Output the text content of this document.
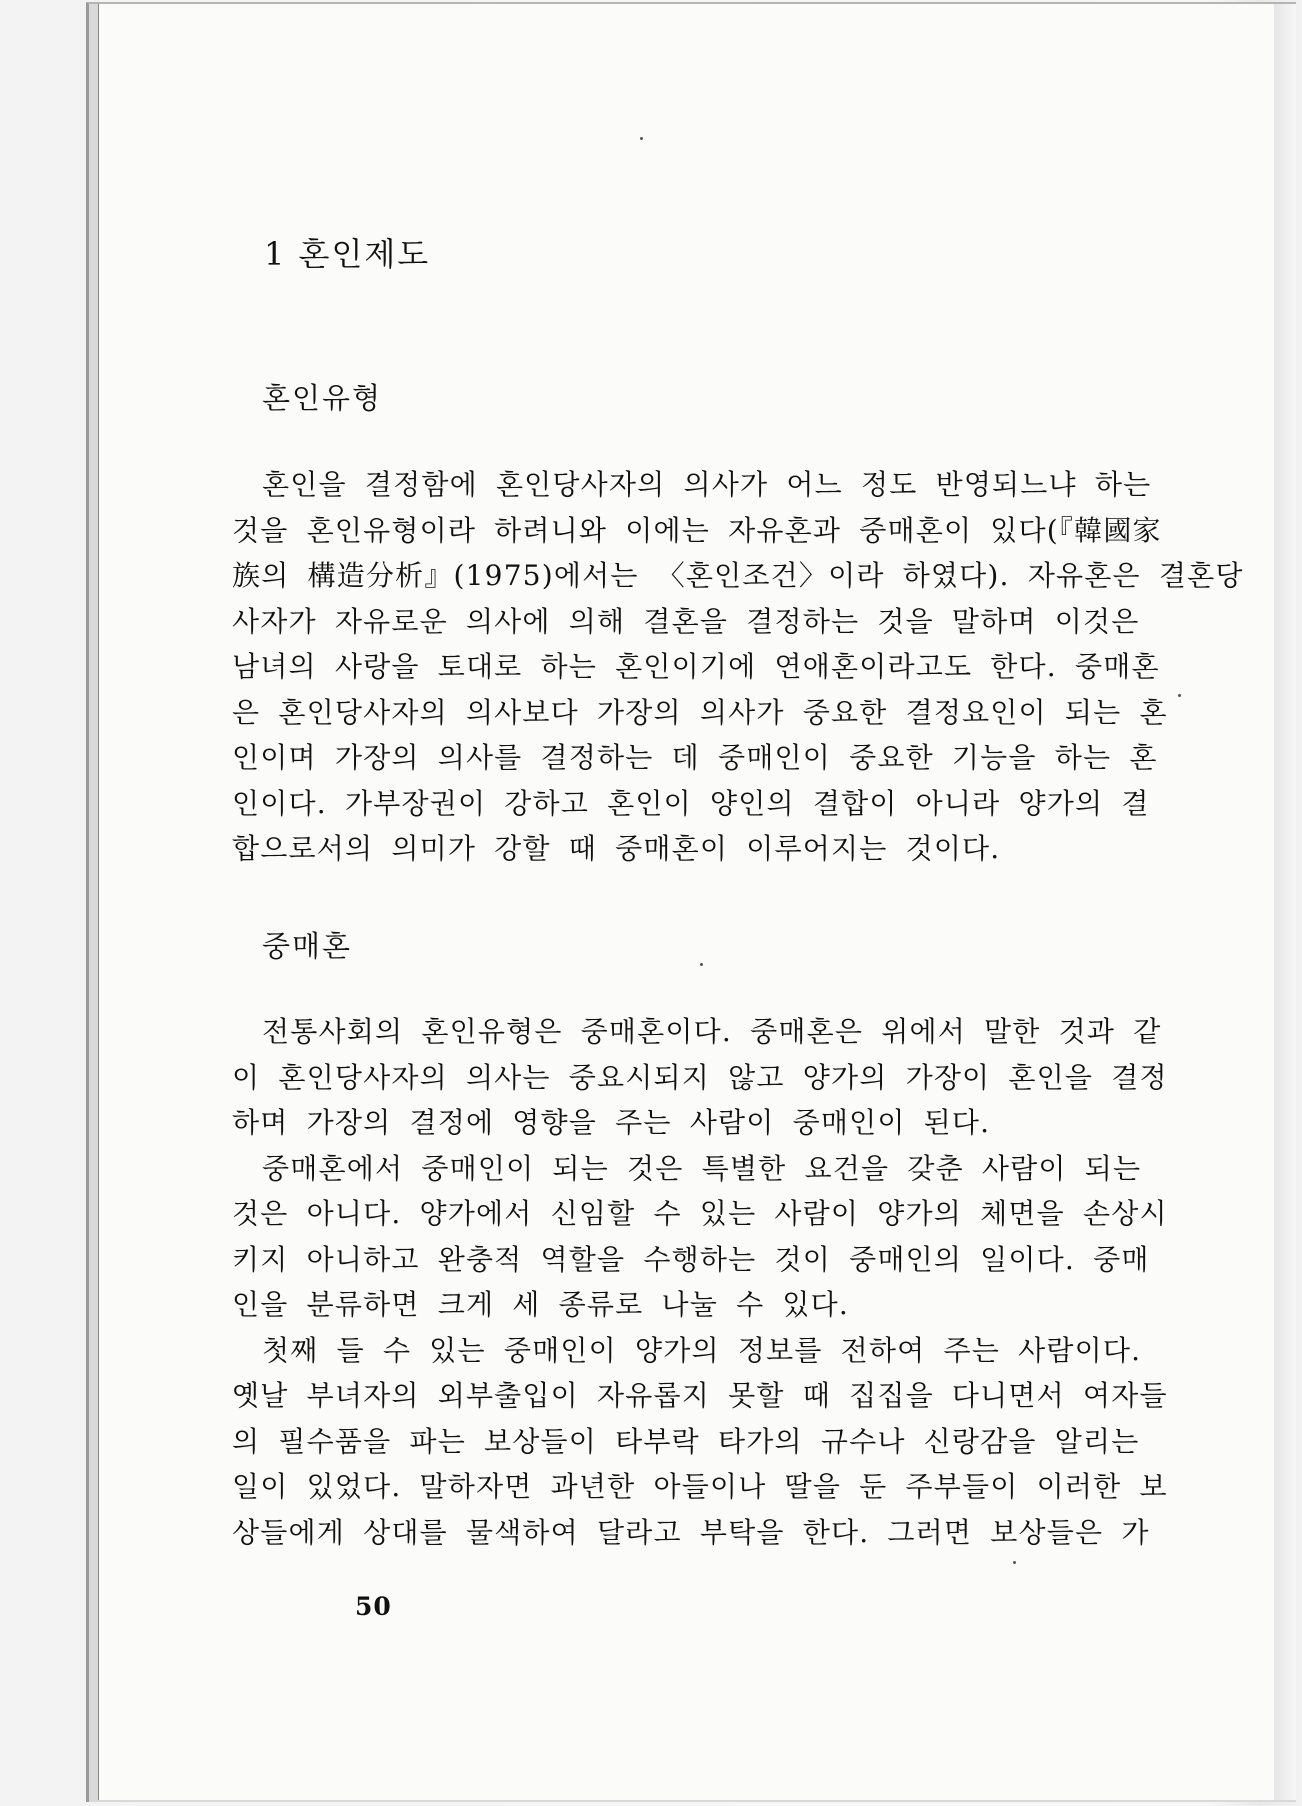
1 혼인제도
혼인유형
혼인을 결정함에 혼인당사자의 의사가 어느 정도 반영되느냐 하는
것을 혼인유형이라 하려니와 이에는 자유혼과 중매혼이 있다(『韓國家
族의 構造分析』(1975)에서는 〈혼인조건〉이라 하였다). 자유혼은 결혼당
사자가 자유로운 의사에 의해 결혼을 결정하는 것을 말하며 이것은
남녀의 사랑을 토대로 하는 혼인이기에 연애혼이라고도 한다. 중매혼
은 혼인당사자의 의사보다 가장의 의사가 중요한 결정요인이 되는 혼
인이며 가장의 의사를 결정하는 데 중매인이 중요한 기능을 하는 혼
인이다. 가부장권이 강하고 혼인이 양인의 결합이 아니라 양가의 결
합으로서의 의미가 강할 때 중매혼이 이루어지는 것이다.
중매혼
전통사회의 혼인유형은 중매혼이다. 중매혼은 위에서 말한 것과 같
이 혼인당사자의 의사는 중요시되지 않고 양가의 가장이 혼인을 결정
하며 가장의 결정에 영향을 주는 사람이 중매인이 된다.
중매혼에서 중매인이 되는 것은 특별한 요건을 갖춘 사람이 되는
것은 아니다. 양가에서 신임할 수 있는 사람이 양가의 체면을 손상시
키지 아니하고 완충적 역할을 수행하는 것이 중매인의 일이다. 중매
인을 분류하면 크게 세 종류로 나눌 수 있다.
첫째 들 수 있는 중매인이 양가의 정보를 전하여 주는 사람이다.
옛날 부녀자의 외부출입이 자유롭지 못할 때 집집을 다니면서 여자들
의 필수품을 파는 보상들이 타부락 타가의 규수나 신랑감을 알리는
일이 있었다. 말하자면 과년한 아들이나 딸을 둔 주부들이 이러한 보
상들에게 상대를 물색하여 달라고 부탁을 한다. 그러면 보상들은 가
50
